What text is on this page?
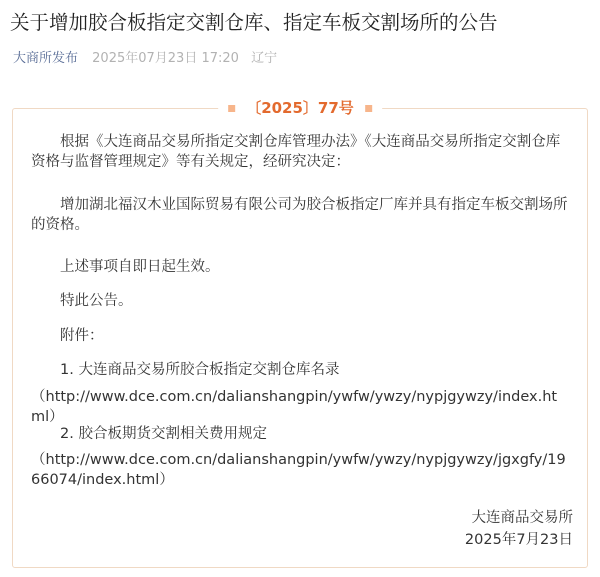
关于增加胶合板指定交割仓库、指定车板交割场所的公告
大商所发布 2025年07月23日 17:20 辽宁
〔2025〕77号

根据《大连商品交易所指定交割仓库管理办法》《大连商品交易所指定交割仓库资格与监督管理规定》等有关规定，经研究决定：

增加湖北福汉木业国际贸易有限公司为胶合板指定厂库并具有指定车板交割场所的资格。

上述事项自即日起生效。

特此公告。

附件：

1. 大连商品交易所胶合板指定交割仓库名录

（http://www.dce.com.cn/dalianshangpin/ywfw/ywzy/nypjgywzy/index.html）

2. 胶合板期货交割相关费用规定

（http://www.dce.com.cn/dalianshangpin/ywfw/ywzy/nypjgywzy/jgxgfy/1966074/index.html）

大连商品交易所

2025年7月23日
